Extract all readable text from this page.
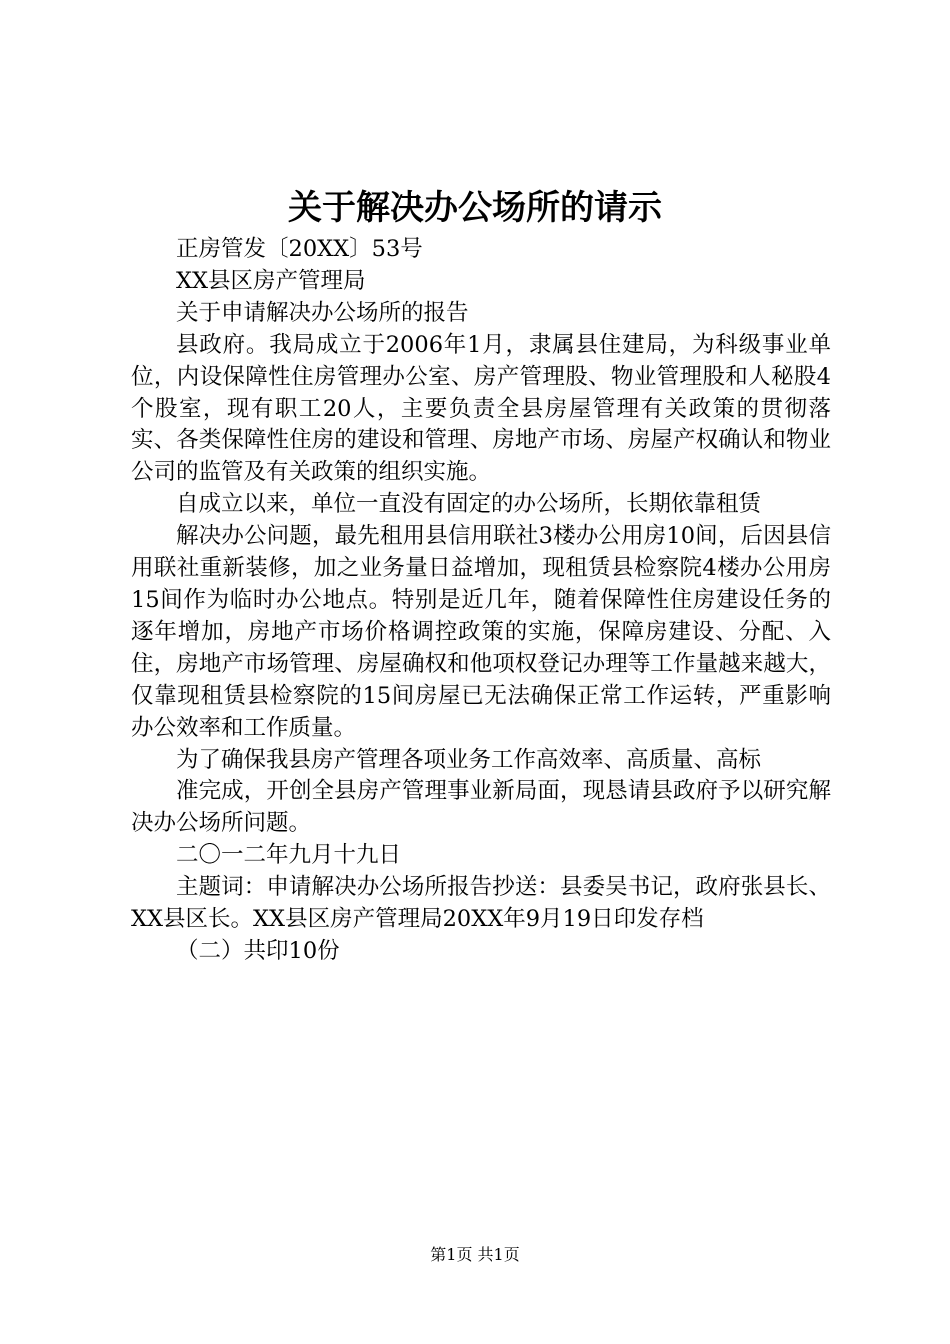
关于解决办公场所的请示

正房管发〔20XX〕53号

XX县区房产管理局

关于申请解决办公场所的报告

县政府。我局成立于2006年1月，隶属县住建局，为科级事业单位，内设保障性住房管理办公室、房产管理股、物业管理股和人秘股4个股室，现有职工20人，主要负责全县房屋管理有关政策的贯彻落实、各类保障性住房的建设和管理、房地产市场、房屋产权确认和物业公司的监管及有关政策的组织实施。

自成立以来，单位一直没有固定的办公场所，长期依靠租赁

解决办公问题，最先租用县信用联社3楼办公用房10间，后因县信用联社重新装修，加之业务量日益增加，现租赁县检察院4楼办公用房15间作为临时办公地点。特别是近几年，随着保障性住房建设任务的逐年增加，房地产市场价格调控政策的实施，保障房建设、分配、入住，房地产市场管理、房屋确权和他项权登记办理等工作量越来越大，仅靠现租赁县检察院的15间房屋已无法确保正常工作运转，严重影响办公效率和工作质量。

为了确保我县房产管理各项业务工作高效率、高质量、高标

准完成，开创全县房产管理事业新局面，现恳请县政府予以研究解决办公场所问题。

二〇一二年九月十九日

主题词：申请解决办公场所报告抄送：县委吴书记，政府张县长、XX县区长。XX县区房产管理局20XX年9月19日印发存档

（二）共印10份

第1页 共1页
